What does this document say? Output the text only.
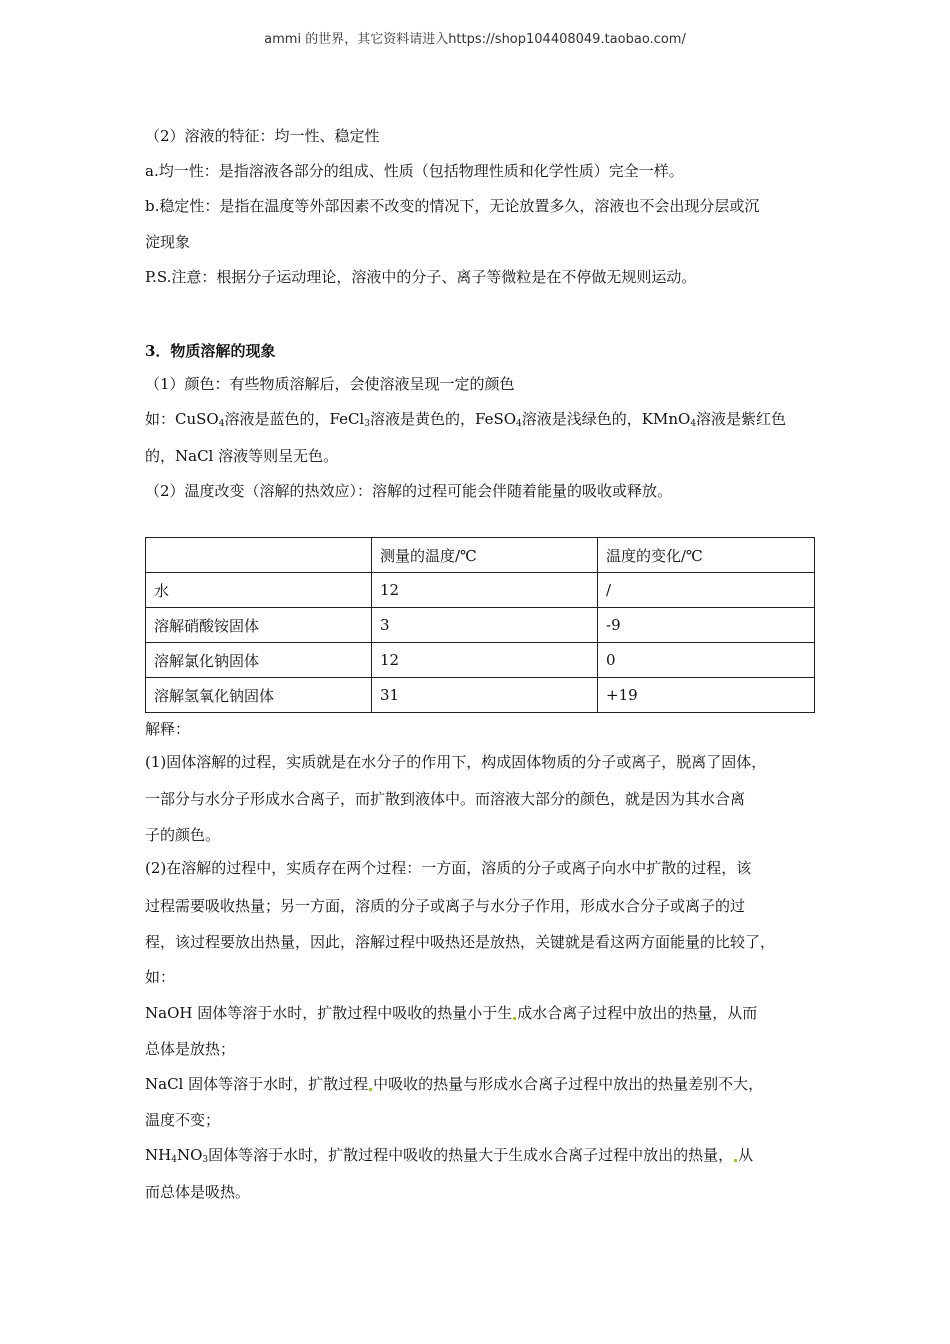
ammi 的世界，其它资料请进入https://shop104408049.taobao.com/
（2）溶液的特征：均一性、稳定性
a.均一性：是指溶液各部分的组成、性质（包括物理性质和化学性质）完全一样。
b.稳定性：是指在温度等外部因素不改变的情况下，无论放置多久，溶液也不会出现分层或沉
淀现象
P.S.注意：根据分子运动理论，溶液中的分子、离子等微粒是在不停做无规则运动。
3．物质溶解的现象
（1）颜色：有些物质溶解后，会使溶液呈现一定的颜色
如：CuSO$_4$溶液是蓝色的，FeCl$_3$溶液是黄色的，FeSO$_4$溶液是浅绿色的，KMnO$_4$溶液是紫红色
的，NaCl 溶液等则呈无色。
（2）温度改变（溶解的热效应）：溶解的过程可能会伴随着能量的吸收或释放。
	测量的温度/℃	温度的变化/℃
水	12	/
溶解硝酸铵固体	3	-9
溶解氯化钠固体	12	0
溶解氢氧化钠固体	31	+19
解释：
(1)固体溶解的过程，实质就是在水分子的作用下，构成固体物质的分子或离子，脱离了固体，
一部分与水分子形成水合离子，而扩散到液体中。而溶液大部分的颜色，就是因为其水合离
子的颜色。
(2)在溶解的过程中，实质存在两个过程：一方面，溶质的分子或离子向水中扩散的过程，该
过程需要吸收热量；另一方面，溶质的分子或离子与水分子作用，形成水合分子或离子的过
程，该过程要放出热量，因此，溶解过程中吸热还是放热，关键就是看这两方面能量的比较了，
如：
NaOH 固体等溶于水时，扩散过程中吸收的热量小于生 成水合离子过程中放出的热量，从而
总体是放热；
NaCl 固体等溶于水时，扩散过程 中吸收的热量与形成水合离子过程中放出的热量差别不大，
温度不变；
$NH_4NO_3$固体等溶于水时，扩散过程中吸收的热量大于生成水合离子过程中放出的热量， 从
而总体是吸热。
